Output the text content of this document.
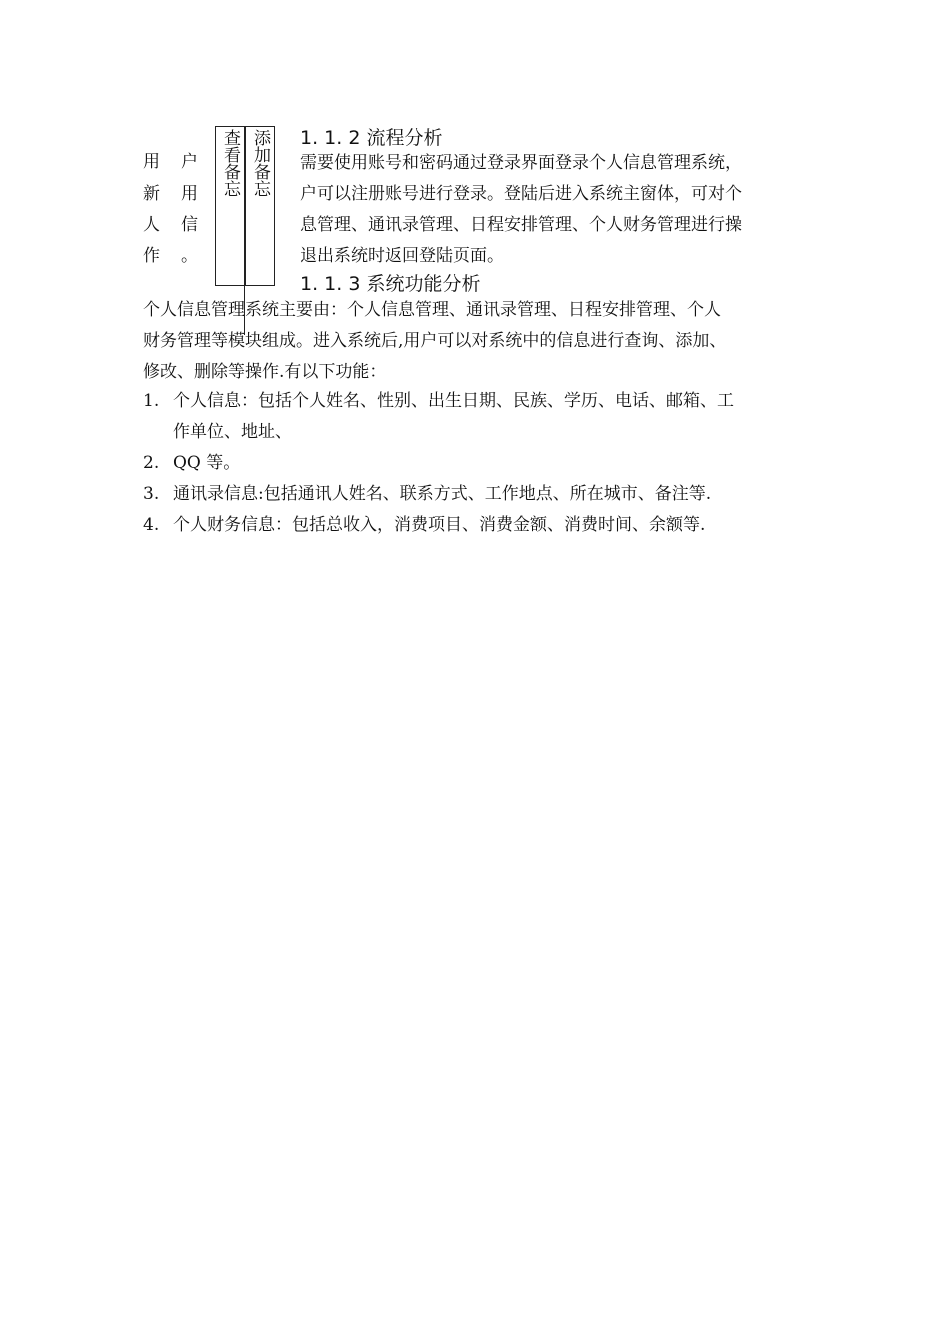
用 户
新 用
人 信
作 。
查看备忘 添加备忘 1. 1. 2 流程分析
需要使用账号和密码通过登录界面登录个人信息管理系统，
户可以注册账号进行登录。登陆后进入系统主窗体，可对个
息管理、通讯录管理、日程安排管理、个人财务管理进行操
退出系统时返回登陆页面。
1. 1. 3 系统功能分析
个人信息管理系统主要由：个人信息管理、通讯录管理、日程安排管理、个人
财务管理等模块组成。进入系统后,用户可以对系统中的信息进行查询、添加、
修改、删除等操作.有以下功能：
1. 个人信息：包括个人姓名、性别、出生日期、民族、学历、电话、邮箱、工
作单位、地址、
2. QQ 等。
3. 通讯录信息:包括通讯人姓名、联系方式、工作地点、所在城市、备注等.
4. 个人财务信息：包括总收入，消费项目、消费金额、消费时间、余额等.
